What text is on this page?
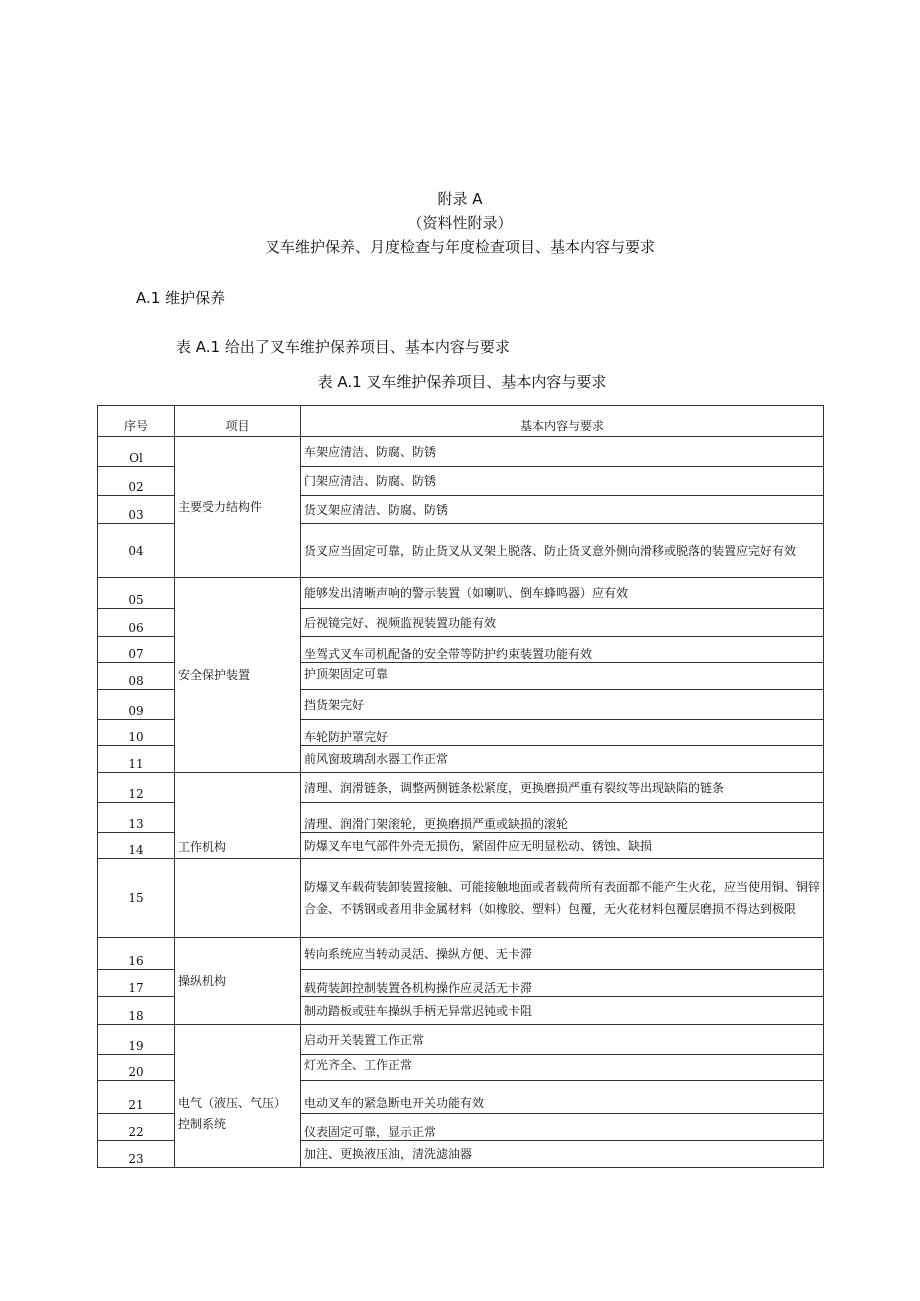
附录 A
（资料性附录）
叉车维护保养、月度检查与年度检查项目、基本内容与要求
A.1 维护保养
表 A.1 给出了叉车维护保养项目、基本内容与要求
表 A.1 叉车维护保养项目、基本内容与要求
序号	项目	基本内容与要求
Ol	主要受力结构件	车架应清洁、防腐、防锈
02		门架应清洁、防腐、防锈
03		货叉架应清洁、防腐、防锈
04		货叉应当固定可靠，防止货叉从叉架上脱落、防止货叉意外侧向滑移或脱落的装置应完好有效
05	安全保护装置	能够发出清晰声响的警示装置（如喇叭、倒车蜂鸣器）应有效
06		后视镜完好、视频监视装置功能有效
07		坐驾式叉车司机配备的安全带等防护约束装置功能有效
08		护顶架固定可靠
09		挡货架完好
10		车轮防护罩完好
11		前风窗玻璃刮水器工作正常
12	工作机构	清理、润滑链条，调整两侧链条松紧度，更换磨损严重有裂纹等出现缺陷的链条
13		清理、润滑门架滚轮，更换磨损严重或缺损的滚轮
14		防爆叉车电气部件外壳无损伤，紧固件应无明显松动、锈蚀、缺损
15		防爆叉车载荷装卸装置接触、可能接触地面或者载荷所有表面都不能产生火花，应当使用铜、铜锌合金、不锈钢或者用非金属材料（如橡胶、塑料）包覆，无火花材料包覆层磨损不得达到极限
16	操纵机构	转向系统应当转动灵活、操纵方便、无卡滞
17		载荷装卸控制装置各机构操作应灵活无卡滞
18		制动踏板或驻车操纵手柄无异常迟钝或卡阻
19	电气（液压、气压）	启动开关装置工作正常
20		灯光齐全、工作正常
21		电动叉车的紧急断电开关功能有效
22	控制系统	仪表固定可靠，显示正常
23		加注、更换液压油，清洗滤油器
